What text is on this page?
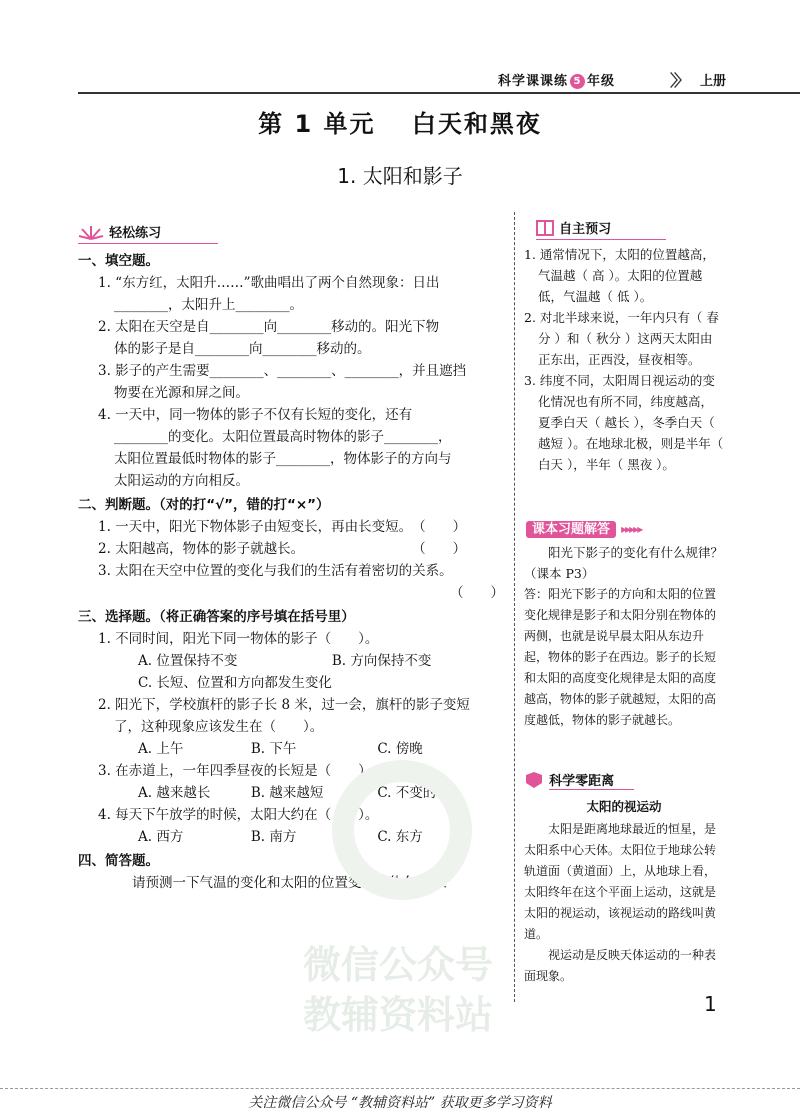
科学课课练 5 年级	〉〉 上册
第 1 单元　 白天和黑夜
1. 太阳和影子
轻松练习
一、填空题。
1. “东方红，太阳升……”歌曲唱出了两个自然现象：日出
________，太阳升上________。
2. 太阳在天空是自________向________移动的。阳光下物
体的影子是自________向________移动的。
3. 影子的产生需要________、________、________，并且遮挡
物要在光源和屏之间。
4. 一天中，同一物体的影子不仅有长短的变化，还有
________的变化。太阳位置最高时物体的影子________，
太阳位置最低时物体的影子________，物体影子的方向与
太阳运动的方向相反。
二、判断题。（对的打“√”，错的打“×”）
1. 一天中，阳光下物体影子由短变长，再由长变短。　（　　）
2. 太阳越高，物体的影子就越长。　　　　　　　　　（　　）
3. 太阳在天空中位置的变化与我们的生活有着密切的关系。
（　　）
三、选择题。（将正确答案的序号填在括号里）
1. 不同时间，阳光下同一物体的影子（　　）。
A. 位置保持不变　　　　　　　B. 方向保持不变
C. 长短、位置和方向都发生变化
2. 阳光下，学校旗杆的影子长 8 米，过一会，旗杆的影子变短
了，这种现象应该发生在（　　）。
A. 上午　　　　　B. 下午　　　　　　C. 傍晚
3. 在赤道上，一年四季昼夜的长短是（　　）。
A. 越来越长　　　B. 越来越短　　　　C. 不变的
4. 每天下午放学的时候，太阳大约在（　　）。
A. 西方　　　　　B. 南方　　　　　　C. 东方
四、简答题。
请预测一下气温的变化和太阳的位置变化有什么关系？
自主预习
1. 通常情况下，太阳的位置越高，气温越（ 高 ）。太阳的位置越低，气温越（ 低 ）。
2. 对北半球来说，一年内只有（ 春分 ）和（ 秋分 ）这两天太阳由正东出，正西没，昼夜相等。
3. 纬度不同，太阳周日视运动的变化情况也有所不同，纬度越高，夏季白天（ 越长 ），冬季白天（ 越短 ）。在地球北极，则是半年（ 白天 ），半年（ 黑夜 ）。
课本习题解答 ▸▸▸▸▸
阳光下影子的变化有什么规律？（课本 P3）
答：阳光下影子的方向和太阳的位置变化规律是影子和太阳分别在物体的两侧，也就是说早晨太阳从东边升起，物体的影子在西边。影子的长短和太阳的高度变化规律是太阳的高度越高，物体的影子就越短，太阳的高度越低，物体的影子就越长。
科学零距离
太阳的视运动
太阳是距离地球最近的恒星，是太阳系中心天体。太阳位于地球公转轨道面（黄道面）上，从地球上看，太阳终年在这个平面上运动，这就是太阳的视运动，该视运动的路线叫黄道。
视运动是反映天体运动的一种表面现象。
微信公众号
教辅资料站	1
关注微信公众号 “教辅资料站” 获取更多学习资料
